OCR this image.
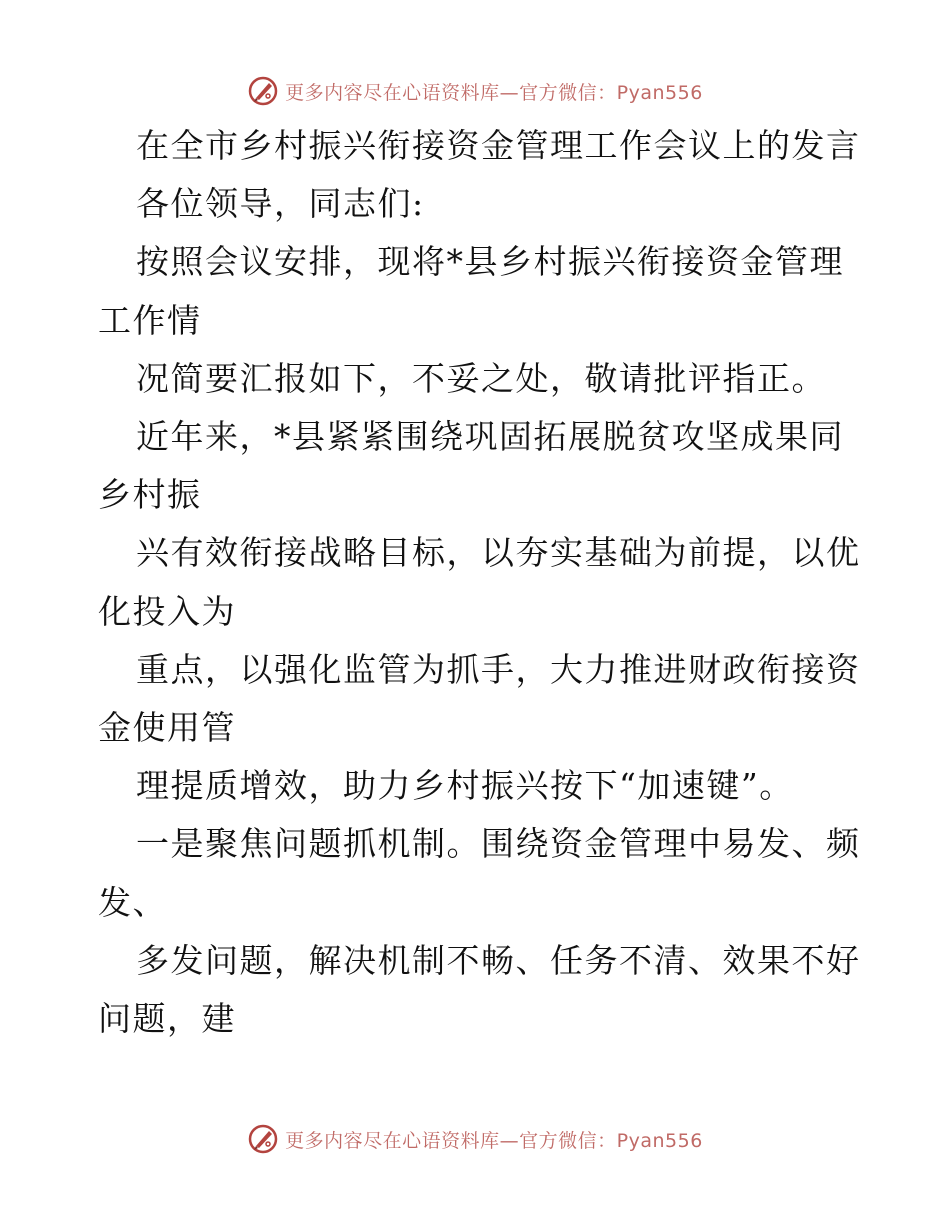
更多内容尽在心语资料库—官方微信：Pyan556
在全市乡村振兴衔接资金管理工作会议上的发言
各位领导，同志们:
按照会议安排，现将*县乡村振兴衔接资金管理
工作情
况简要汇报如下，不妥之处，敬请批评指正。
近年来，*县紧紧围绕巩固拓展脱贫攻坚成果同
乡村振
兴有效衔接战略目标，以夯实基础为前提，以优
化投入为
重点，以强化监管为抓手，大力推进财政衔接资
金使用管
理提质增效，助力乡村振兴按下“加速键”。
一是聚焦问题抓机制。围绕资金管理中易发、频
发、
多发问题，解决机制不畅、任务不清、效果不好
问题，建
更多内容尽在心语资料库—官方微信：Pyan556
